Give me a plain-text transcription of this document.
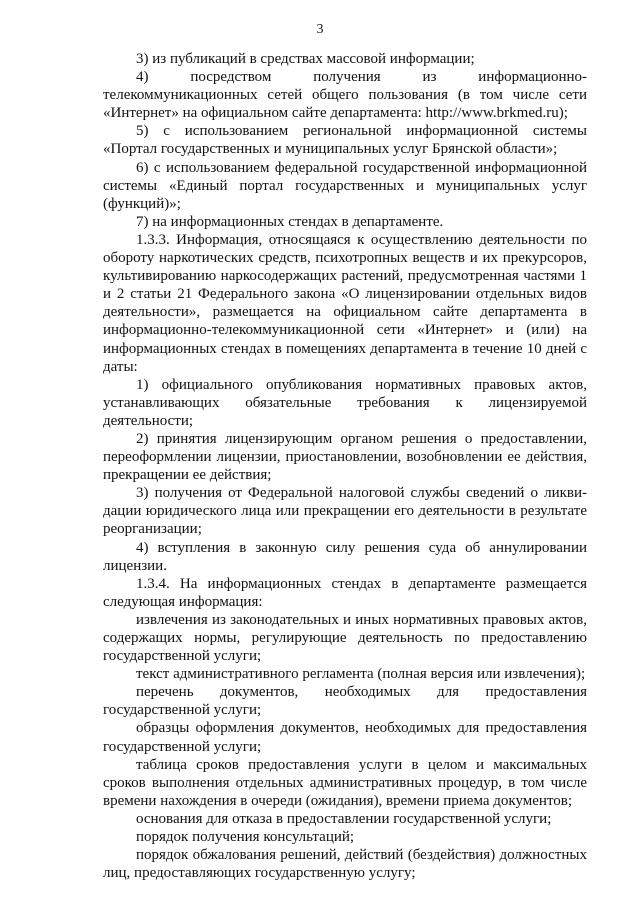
3

3) из публикаций в средствах массовой информации;

4) посредством получения из информационно-телекоммуникационных сетей общего пользования (в том числе сети «Интернет» на официальном сайте департамента: http://www.brkmed.ru);

5) с использованием региональной информационной системы «Портал государственных и муниципальных услуг Брянской области»;

6) с использованием федеральной государственной информационной системы «Единый портал государственных и муниципальных услуг (функций)»;

7) на информационных стендах в департаменте.

1.3.3. Информация, относящаяся к осуществлению деятельности по обороту наркотических средств, психотропных веществ и их прекурсоров, культивированию наркосодержащих растений, предусмотренная частями 1 и 2 статьи 21 Федерального закона «О лицензировании отдельных видов деятельности», размещается на официальном сайте департамента в информационно-телекоммуникационной сети «Интернет» и (или) на информационных стендах в помещениях департамента в течение 10 дней с даты:

1) официального опубликования нормативных правовых актов, устанавливающих обязательные требования к лицензируемой деятельности;

2) принятия лицензирующим органом решения о предоставлении, переоформлении лицензии, приостановлении, возобновлении ее действия, прекращении ее действия;

3) получения от Федеральной налоговой службы сведений о ликвидации юридического лица или прекращении его деятельности в результате реорганизации;

4) вступления в законную силу решения суда об аннулировании лицензии.

1.3.4. На информационных стендах в департаменте размещается следующая информация:

извлечения из законодательных и иных нормативных правовых актов, содержащих нормы, регулирующие деятельность по предоставлению государственной услуги;

текст административного регламента (полная версия или извлечения);

перечень документов, необходимых для предоставления государственной услуги;

образцы оформления документов, необходимых для предоставления государственной услуги;

таблица сроков предоставления услуги в целом и максимальных сроков выполнения отдельных административных процедур, в том числе времени нахождения в очереди (ожидания), времени приема документов;

основания для отказа в предоставлении государственной услуги;

порядок получения консультаций;

порядок обжалования решений, действий (бездействия) должностных лиц, предоставляющих государственную услугу;
